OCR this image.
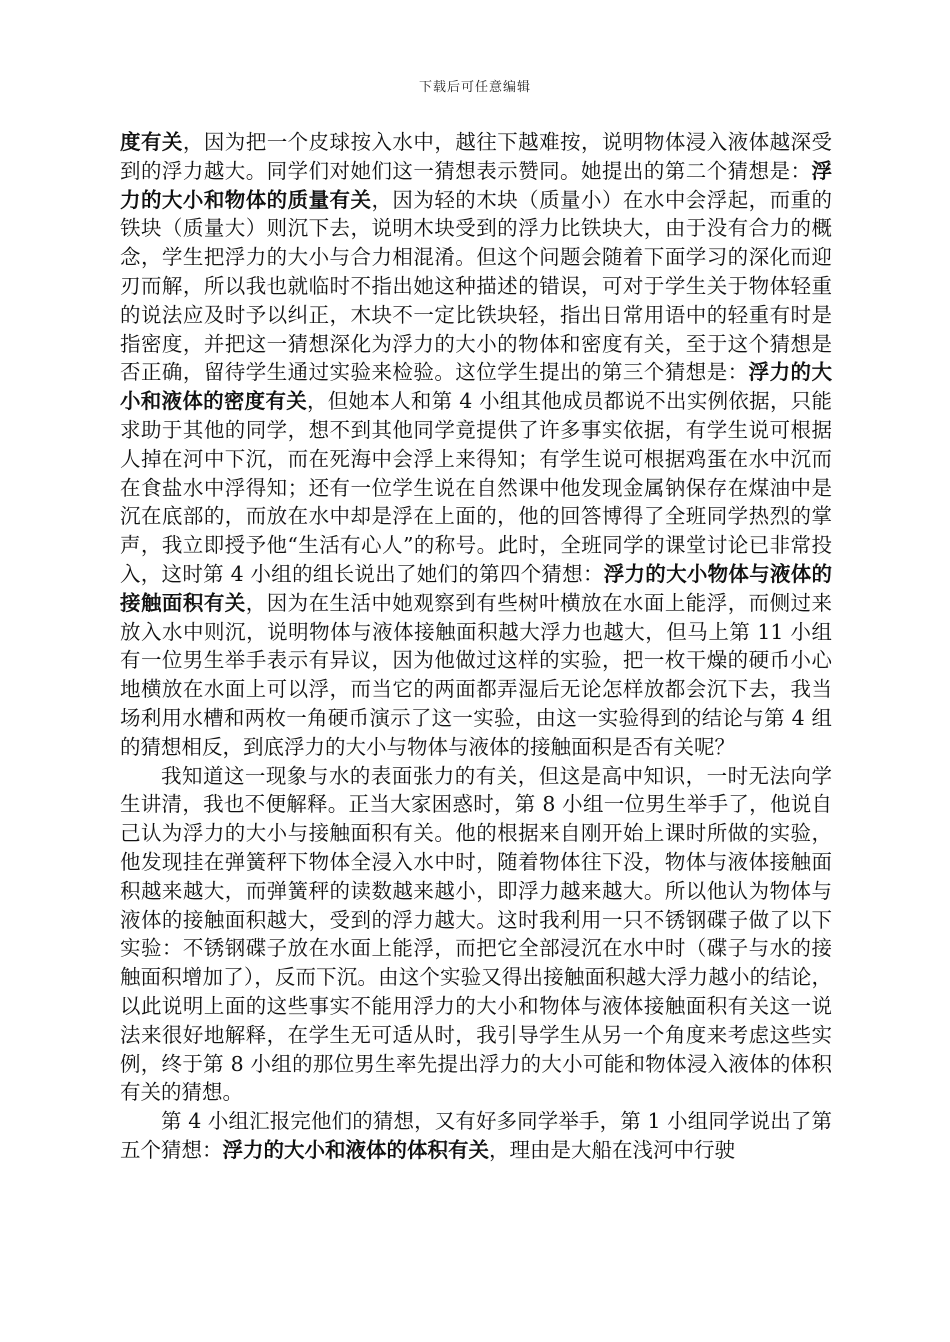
下载后可任意编辑

度有关，因为把一个皮球按入水中，越往下越难按，说明物体浸入液体越深受到的浮力越大。同学们对她们这一猜想表示赞同。她提出的第二个猜想是：浮力的大小和物体的质量有关，因为轻的木块（质量小）在水中会浮起，而重的铁块（质量大）则沉下去，说明木块受到的浮力比铁块大，由于没有合力的概念，学生把浮力的大小与合力相混淆。但这个问题会随着下面学习的深化而迎刃而解，所以我也就临时不指出她这种描述的错误，可对于学生关于物体轻重的说法应及时予以纠正，木块不一定比铁块轻，指出日常用语中的轻重有时是指密度，并把这一猜想深化为浮力的大小的物体和密度有关，至于这个猜想是否正确，留待学生通过实验来检验。这位学生提出的第三个猜想是：浮力的大小和液体的密度有关，但她本人和第 4 小组其他成员都说不出实例依据，只能求助于其他的同学，想不到其他同学竟提供了许多事实依据，有学生说可根据人掉在河中下沉，而在死海中会浮上来得知；有学生说可根据鸡蛋在水中沉而在食盐水中浮得知；还有一位学生说在自然课中他发现金属钠保存在煤油中是沉在底部的，而放在水中却是浮在上面的，他的回答博得了全班同学热烈的掌声，我立即授予他“生活有心人”的称号。此时，全班同学的课堂讨论已非常投入，这时第 4 小组的组长说出了她们的第四个猜想：浮力的大小物体与液体的接触面积有关，因为在生活中她观察到有些树叶横放在水面上能浮，而侧过来放入水中则沉，说明物体与液体接触面积越大浮力也越大，但马上第 11 小组有一位男生举手表示有异议，因为他做过这样的实验，把一枚干燥的硬币小心地横放在水面上可以浮，而当它的两面都弄湿后无论怎样放都会沉下去，我当场利用水槽和两枚一角硬币演示了这一实验，由这一实验得到的结论与第 4 组的猜想相反，到底浮力的大小与物体与液体的接触面积是否有关呢？

我知道这一现象与水的表面张力的有关，但这是高中知识，一时无法向学生讲清，我也不便解释。正当大家困惑时，第 8 小组一位男生举手了，他说自己认为浮力的大小与接触面积有关。他的根据来自刚开始上课时所做的实验，他发现挂在弹簧秤下物体全浸入水中时，随着物体往下没，物体与液体接触面积越来越大，而弹簧秤的读数越来越小，即浮力越来越大。所以他认为物体与液体的接触面积越大，受到的浮力越大。这时我利用一只不锈钢碟子做了以下实验：不锈钢碟子放在水面上能浮，而把它全部浸沉在水中时（碟子与水的接触面积增加了），反而下沉。由这个实验又得出接触面积越大浮力越小的结论，以此说明上面的这些事实不能用浮力的大小和物体与液体接触面积有关这一说法来很好地解释，在学生无可适从时，我引导学生从另一个角度来考虑这些实例，终于第 8 小组的那位男生率先提出浮力的大小可能和物体浸入液体的体积有关的猜想。

第 4 小组汇报完他们的猜想，又有好多同学举手，第 1 小组同学说出了第五个猜想：浮力的大小和液体的体积有关，理由是大船在浅河中行驶
